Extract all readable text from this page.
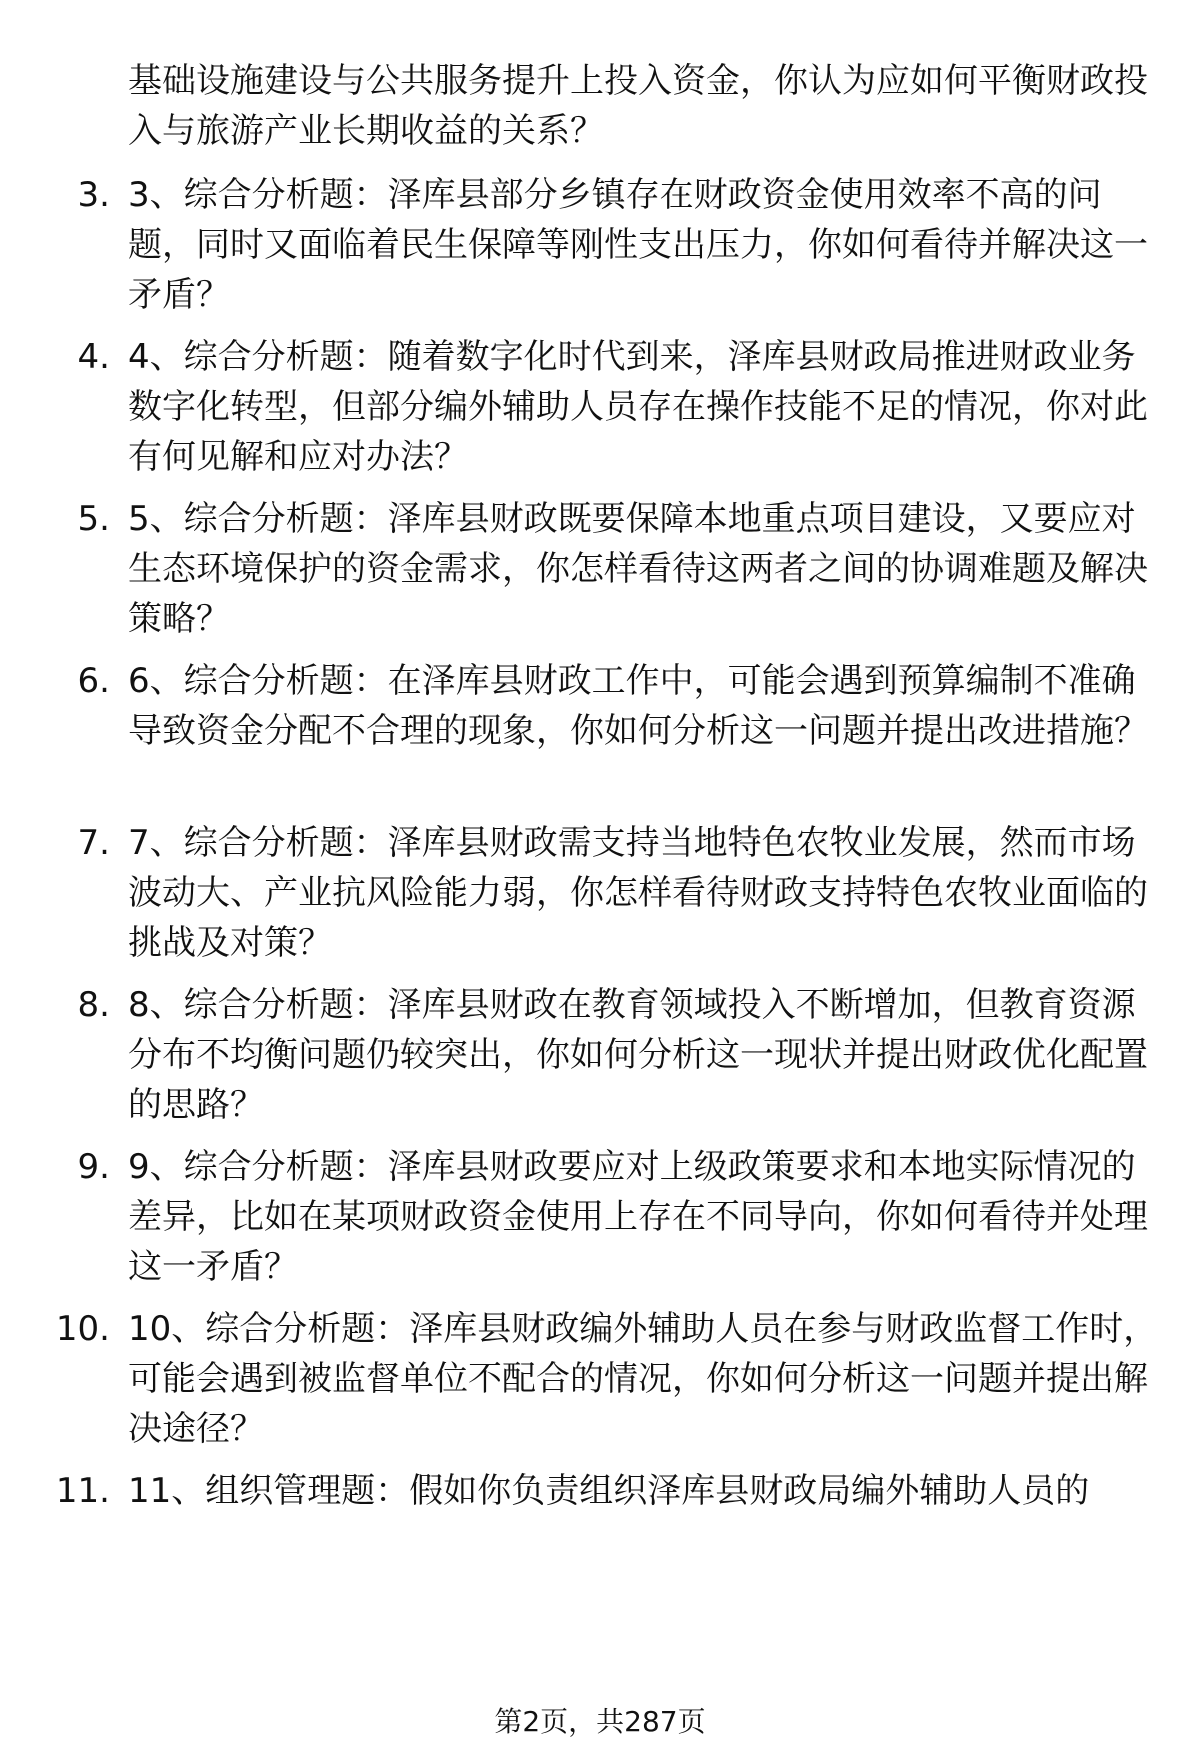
基础设施建设与公共服务提升上投入资金，你认为应如何平衡财政投入与旅游产业长期收益的关系？
3. 3、综合分析题：泽库县部分乡镇存在财政资金使用效率不高的问题，同时又面临着民生保障等刚性支出压力，你如何看待并解决这一矛盾？
4. 4、综合分析题：随着数字化时代到来，泽库县财政局推进财政业务数字化转型，但部分编外辅助人员存在操作技能不足的情况，你对此有何见解和应对办法？
5. 5、综合分析题：泽库县财政既要保障本地重点项目建设，又要应对生态环境保护的资金需求，你怎样看待这两者之间的协调难题及解决策略？
6. 6、综合分析题：在泽库县财政工作中，可能会遇到预算编制不准确导致资金分配不合理的现象，你如何分析这一问题并提出改进措施？
7. 7、综合分析题：泽库县财政需支持当地特色农牧业发展，然而市场波动大、产业抗风险能力弱，你怎样看待财政支持特色农牧业面临的挑战及对策？
8. 8、综合分析题：泽库县财政在教育领域投入不断增加，但教育资源分布不均衡问题仍较突出，你如何分析这一现状并提出财政优化配置的思路？
9. 9、综合分析题：泽库县财政要应对上级政策要求和本地实际情况的差异，比如在某项财政资金使用上存在不同导向，你如何看待并处理这一矛盾？
10. 10、综合分析题：泽库县财政编外辅助人员在参与财政监督工作时，可能会遇到被监督单位不配合的情况，你如何分析这一问题并提出解决途径？
11. 11、组织管理题：假如你负责组织泽库县财政局编外辅助人员的
第2页，共287页
